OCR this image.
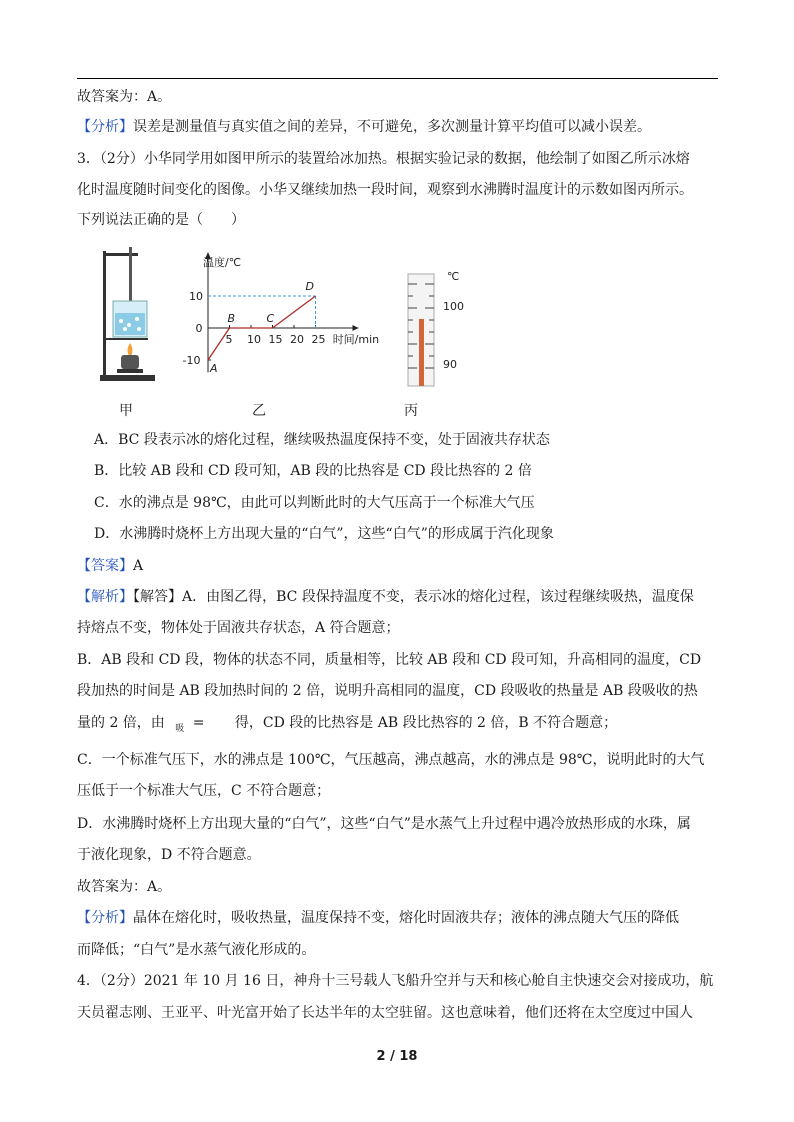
故答案为：A。
【分析】误差是测量值与真实值之间的差异，不可避免，多次测量计算平均值可以减小误差。
3．（2分）小华同学用如图甲所示的装置给冰加热。根据实验记录的数据，他绘制了如图乙所示冰熔
化时温度随时间变化的图像。小华又继续加热一段时间，观察到水沸腾时温度计的示数如图丙所示。
下列说法正确的是（　　）
甲
温度/℃
时间/min
5 10 15 20 25
10
0
-10
A
B	C
D
乙
℃
100
90
丙
A．BC 段表示冰的熔化过程，继续吸热温度保持不变，处于固液共存状态
B．比较 AB 段和 CD 段可知，AB 段的比热容是 CD 段比热容的 2 倍
C．水的沸点是 98℃，由此可以判断此时的大气压高于一个标准大气压
D．水沸腾时烧杯上方出现大量的“白气”，这些“白气”的形成属于汽化现象
【答案】A
【解析】【解答】A．由图乙得，BC 段保持温度不变，表示冰的熔化过程，该过程继续吸热，温度保
持熔点不变，物体处于固液共存状态，A 符合题意；
B．AB 段和 CD 段，物体的状态不同，质量相等，比较 AB 段和 CD 段可知，升高相同的温度，CD
段加热的时间是 AB 段加热时间的 2 倍，说明升高相同的温度，CD 段吸收的热量是 AB 段吸收的热
量的 2 倍，由 $_吸$ = 得，CD 段的比热容是 AB 段比热容的 2 倍，B 不符合题意；
C．一个标准气压下，水的沸点是 100℃，气压越高，沸点越高，水的沸点是 98℃，说明此时的大气
压低于一个标准大气压，C 不符合题意；
D．水沸腾时烧杯上方出现大量的“白气”，这些“白气”是水蒸气上升过程中遇冷放热形成的水珠，属
于液化现象，D 不符合题意。
故答案为：A。
【分析】晶体在熔化时，吸收热量，温度保持不变，熔化时固液共存；液体的沸点随大气压的降低
而降低；“白气”是水蒸气液化形成的。
4．（2分）2021 年 10 月 16 日，神舟十三号载人飞船升空并与天和核心舱自主快速交会对接成功，航
天员翟志刚、王亚平、叶光富开始了长达半年的太空驻留。这也意味着，他们还将在太空度过中国人
2 / 18
